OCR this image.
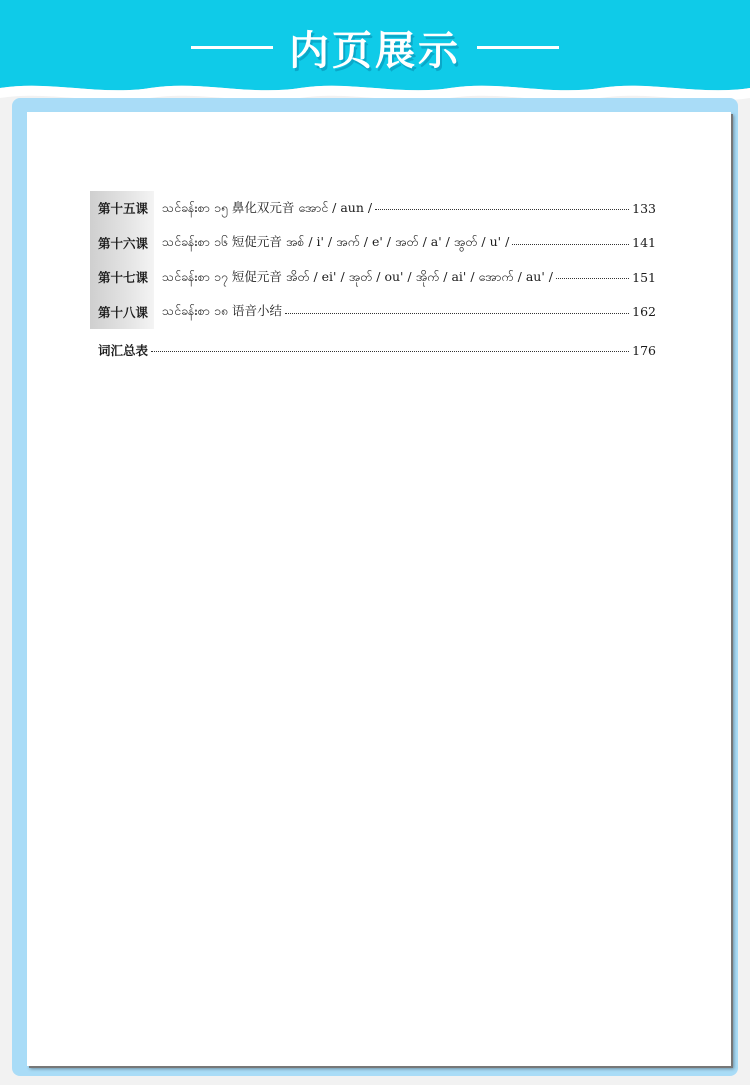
内页展示
第十五课	သင်ခန်းစာ ၁၅ 鼻化双元音 အောင် / aun /	133
第十六课	သင်ခန်းစာ ၁၆ 短促元音 အစ် / i' / အက် / e' / အတ် / a' / အွတ် / u' /	141
第十七课	သင်ခန်းစာ ၁၇ 短促元音 အိတ် / ei' / အုတ် / ou' / အိုက် / ai' / အောက် / au' /	151
第十八课	သင်ခန်းစာ ၁၈ 语音小结	162
词汇总表	176
